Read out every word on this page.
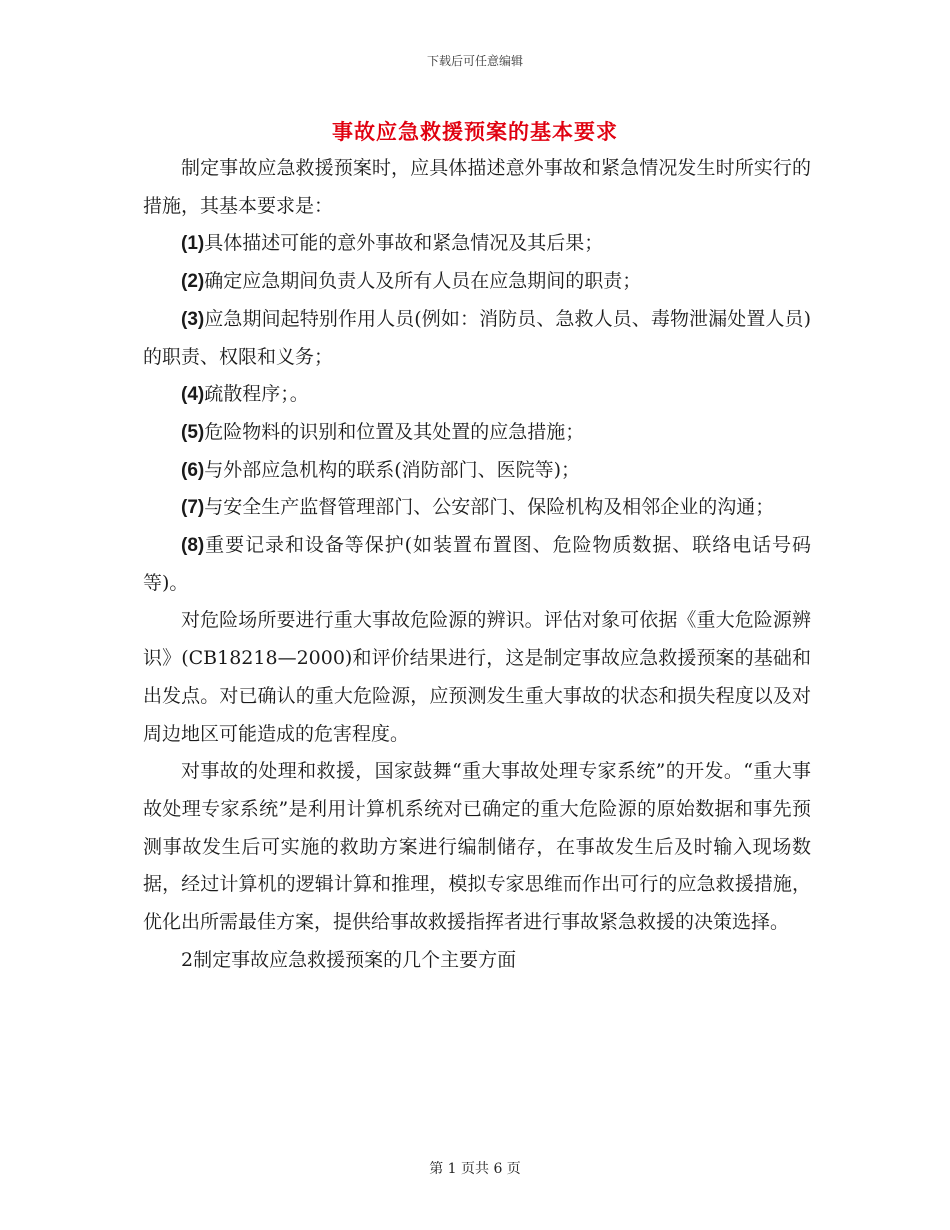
下载后可任意编辑
事故应急救援预案的基本要求

制定事故应急救援预案时，应具体描述意外事故和紧急情况发生时所实行的措施，其基本要求是：

(1)具体描述可能的意外事故和紧急情况及其后果；

(2)确定应急期间负责人及所有人员在应急期间的职责；

(3)应急期间起特别作用人员(例如：消防员、急救人员、毒物泄漏处置人员)的职责、权限和义务；

(4)疏散程序；。

(5)危险物料的识别和位置及其处置的应急措施；

(6)与外部应急机构的联系(消防部门、医院等)；

(7)与安全生产监督管理部门、公安部门、保险机构及相邻企业的沟通；

(8)重要记录和设备等保护(如装置布置图、危险物质数据、联络电话号码等)。

对危险场所要进行重大事故危险源的辨识。评估对象可依据《重大危险源辨识》(CB18218—2000)和评价结果进行，这是制定事故应急救援预案的基础和出发点。对已确认的重大危险源，应预测发生重大事故的状态和损失程度以及对周边地区可能造成的危害程度。

对事故的处理和救援，国家鼓舞“重大事故处理专家系统”的开发。“重大事故处理专家系统”是利用计算机系统对已确定的重大危险源的原始数据和事先预测事故发生后可实施的救助方案进行编制储存，在事故发生后及时输入现场数据，经过计算机的逻辑计算和推理，模拟专家思维而作出可行的应急救援措施，优化出所需最佳方案，提供给事故救援指挥者进行事故紧急救援的决策选择。

2制定事故应急救援预案的几个主要方面

第 1 页共 6 页
